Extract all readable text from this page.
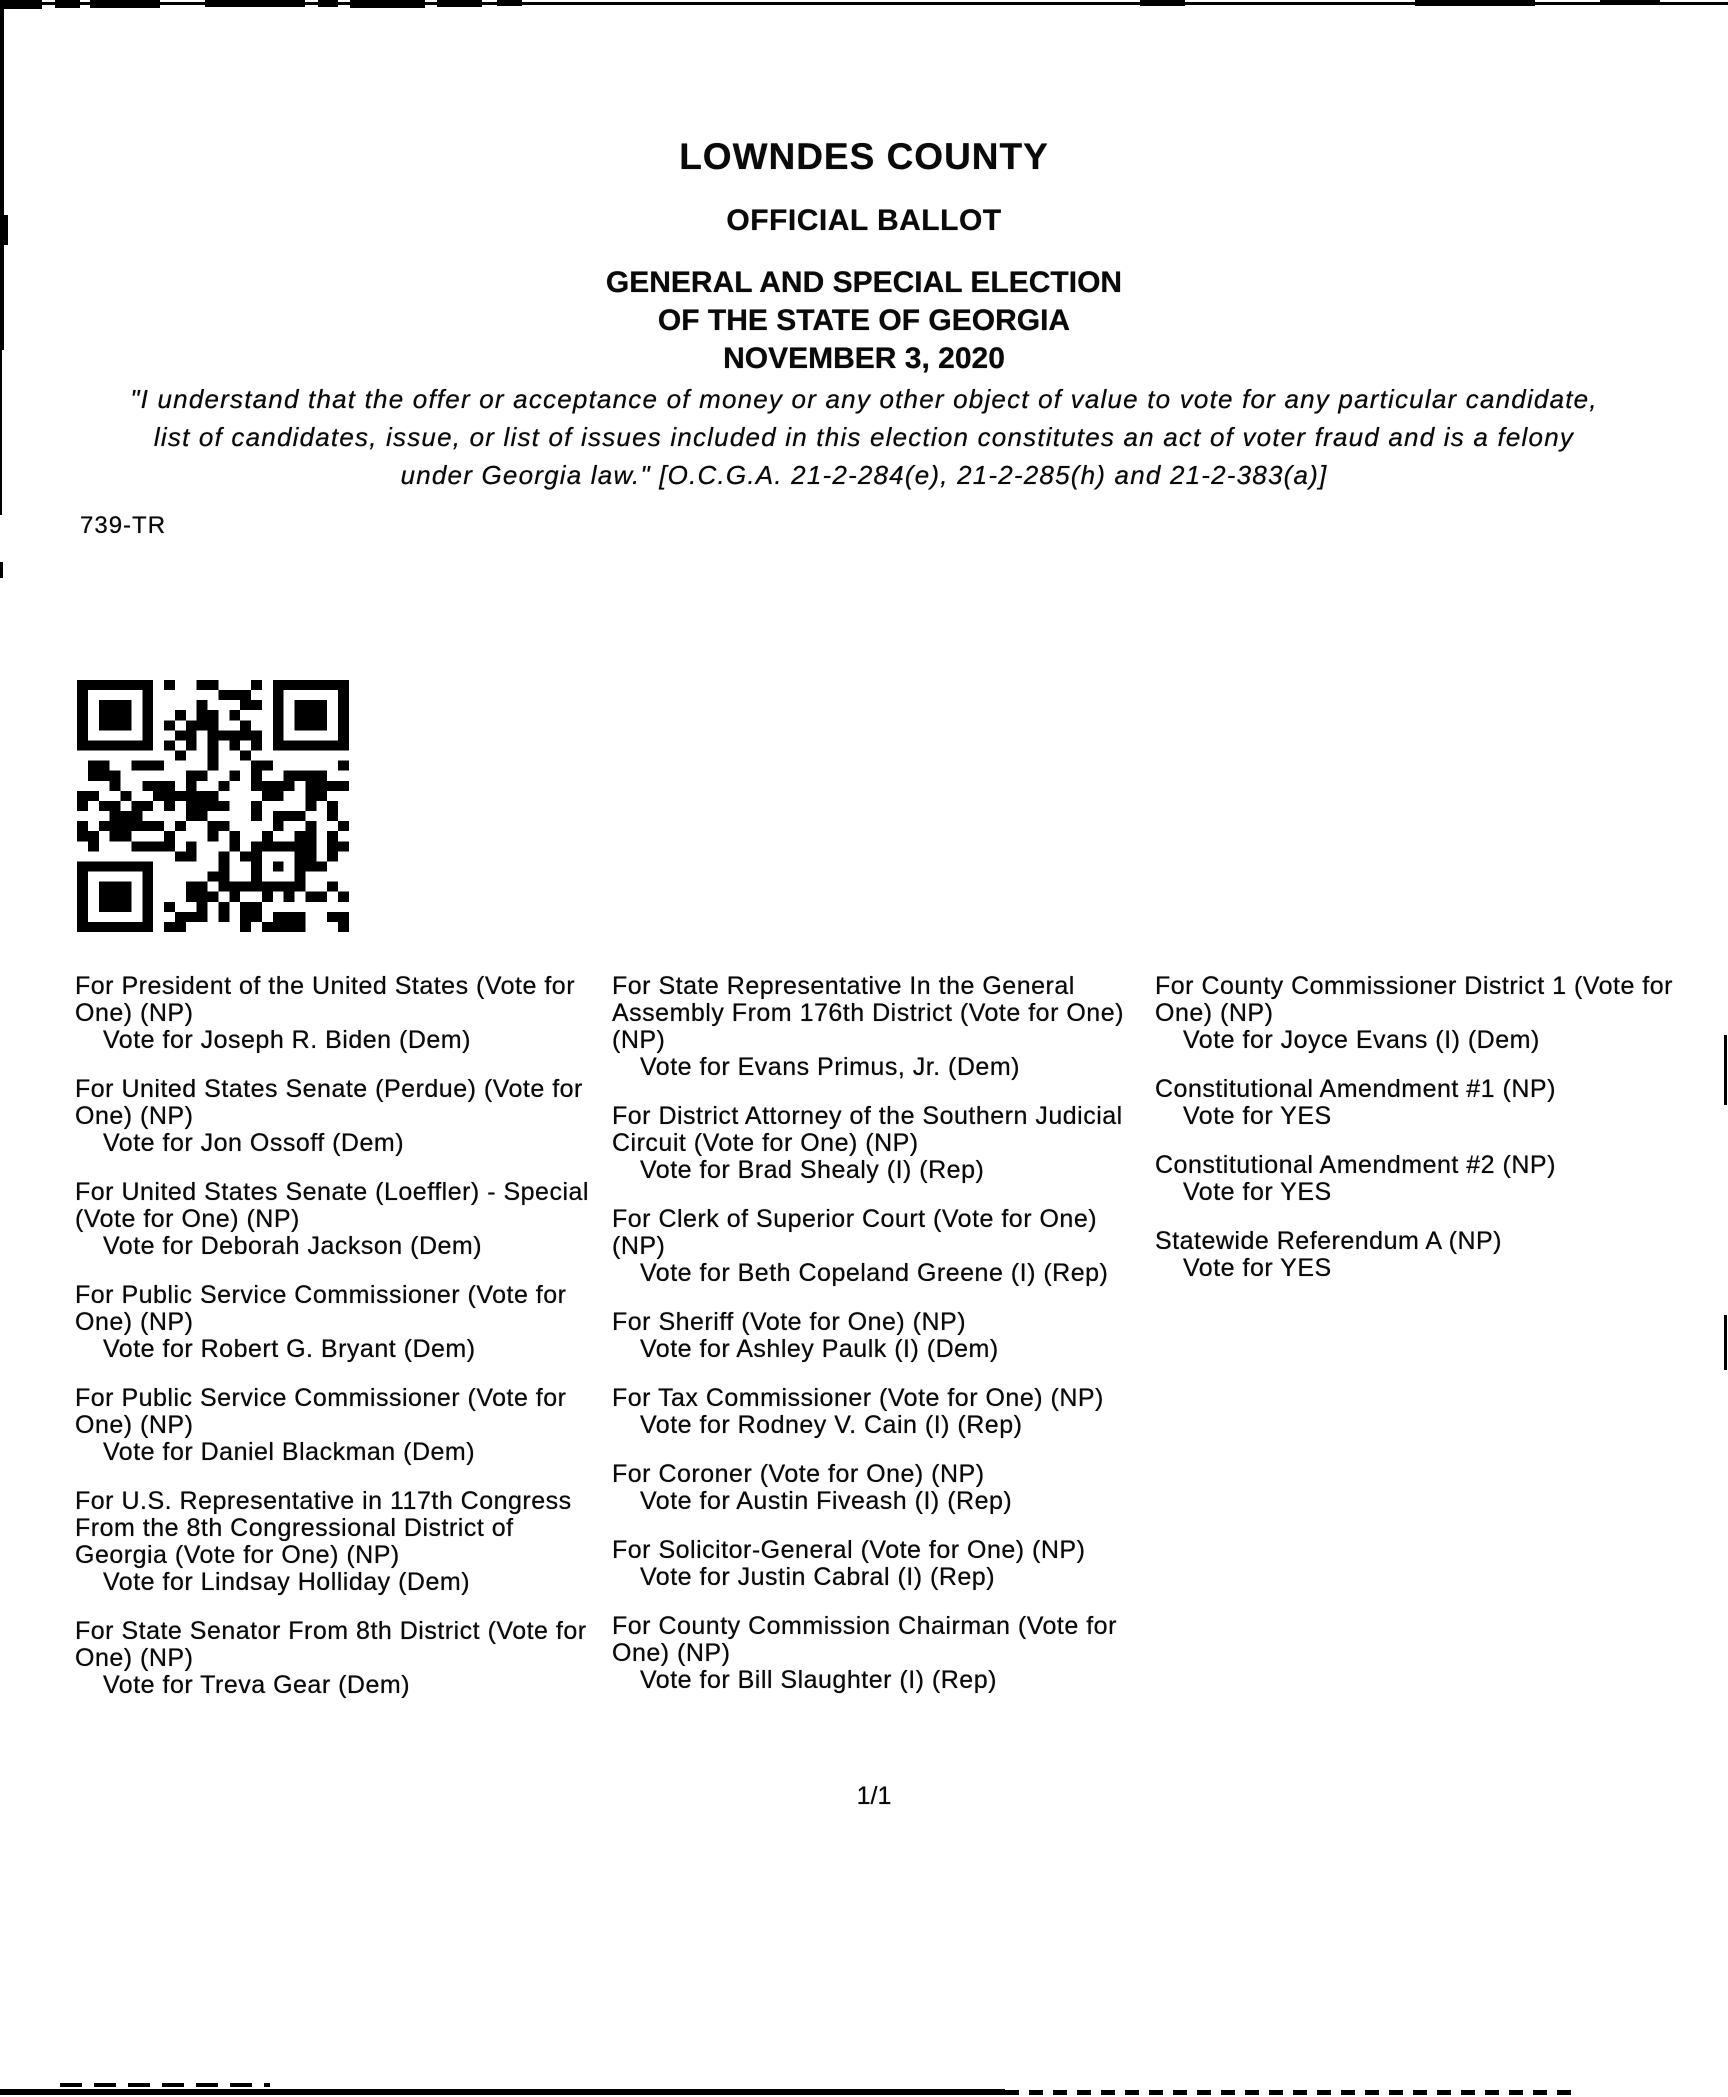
LOWNDES COUNTY
OFFICIAL BALLOT
GENERAL AND SPECIAL ELECTION
OF THE STATE OF GEORGIA
NOVEMBER 3, 2020
"I understand that the offer or acceptance of money or any other object of value to vote for any particular candidate,
list of candidates, issue, or list of issues included in this election constitutes an act of voter fraud and is a felony
under Georgia law." [O.C.G.A. 21-2-284(e), 21-2-285(h) and 21-2-383(a)]
739-TR

For President of the United States (Vote for One) (NP)

Vote for Joseph R. Biden (Dem)

For United States Senate (Perdue) (Vote for One) (NP)

Vote for Jon Ossoff (Dem)

For United States Senate (Loeffler) - Special (Vote for One) (NP)

Vote for Deborah Jackson (Dem)

For Public Service Commissioner (Vote for One) (NP)

Vote for Robert G. Bryant (Dem)

For Public Service Commissioner (Vote for One) (NP)

Vote for Daniel Blackman (Dem)

For U.S. Representative in 117th Congress From the 8th Congressional District of Georgia (Vote for One) (NP)

Vote for Lindsay Holliday (Dem)

For State Senator From 8th District (Vote for One) (NP)

Vote for Treva Gear (Dem)

For State Representative In the General Assembly From 176th District (Vote for One) (NP)

Vote for Evans Primus, Jr. (Dem)

For District Attorney of the Southern Judicial Circuit (Vote for One) (NP)

Vote for Brad Shealy (I) (Rep)

For Clerk of Superior Court (Vote for One) (NP)

Vote for Beth Copeland Greene (I) (Rep)

For Sheriff (Vote for One) (NP)

Vote for Ashley Paulk (I) (Dem)

For Tax Commissioner (Vote for One) (NP)

Vote for Rodney V. Cain (I) (Rep)

For Coroner (Vote for One) (NP)

Vote for Austin Fiveash (I) (Rep)

For Solicitor-General (Vote for One) (NP)

Vote for Justin Cabral (I) (Rep)

For County Commission Chairman (Vote for One) (NP)

Vote for Bill Slaughter (I) (Rep)

For County Commissioner District 1 (Vote for One) (NP)

Vote for Joyce Evans (I) (Dem)

Constitutional Amendment #1 (NP)

Vote for YES

Constitutional Amendment #2 (NP)

Vote for YES

Statewide Referendum A (NP)

Vote for YES

1/1
